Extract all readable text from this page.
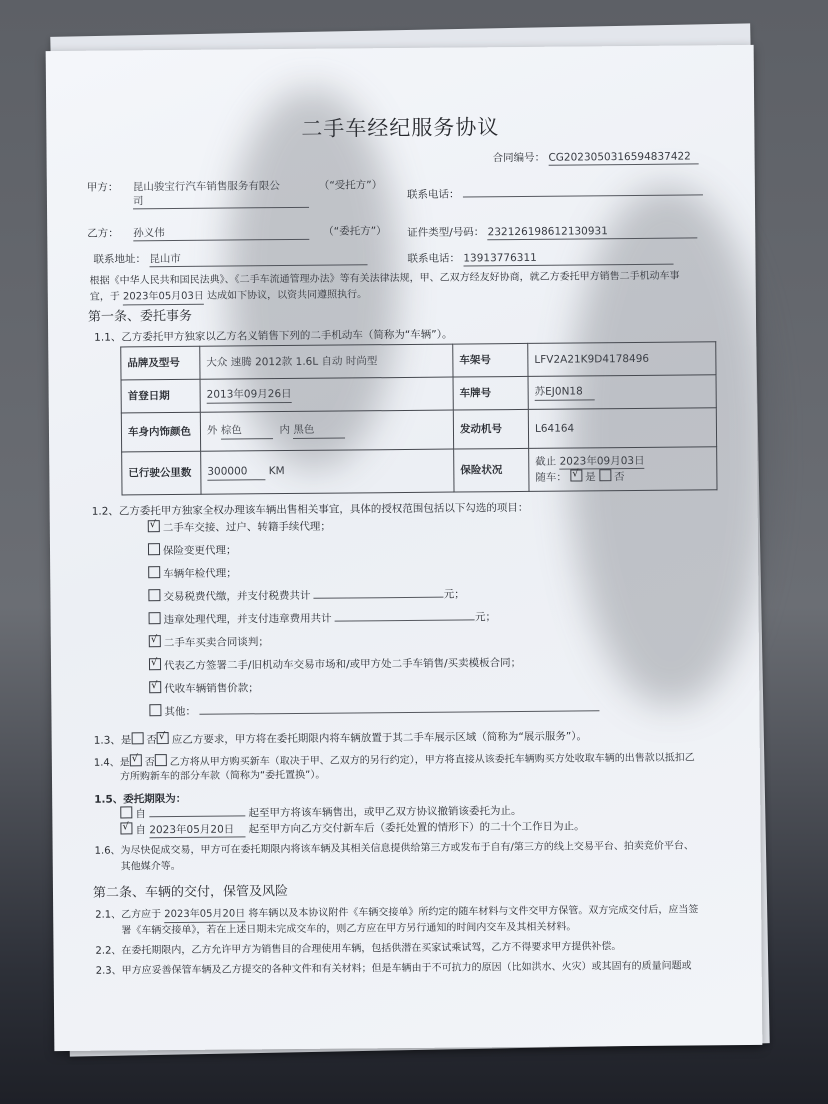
二手车经纪服务协议
合同编号： CG2023050316594837422
甲方： 昆山骏宝行汽车销售服务有限公
司
（“受托方”）
联系电话：
乙方： 孙义伟	（“委托方”） 证件类型/号码： 232126198612130931
联系地址： 昆山市	联系电话： 13913776311
根据《中华人民共和国民法典》、《二手车流通管理办法》等有关法律法规，甲、乙双方经友好协商，就乙方委托甲方销售二手机动车事
宜，于 2023年05月03日 达成如下协议，以资共同遵照执行。
第一条、委托事务
1.1、乙方委托甲方独家以乙方名义销售下列的二手机动车（简称为“车辆”）。
品牌及型号	大众 速腾 2012款 1.6L 自动 时尚型	车架号	LFV2A21K9D4178496
首登日期	2013年09月26日	车牌号	苏EJ0N18
车身内饰颜色	外 棕色 内 黑色	发动机号	L64164
已行驶公里数	300000 KM	保险状况	截止 2023年09月03日
随车： √ 是 否
1.2、乙方委托甲方独家全权办理该车辆出售相关事宜，具体的授权范围包括以下勾选的项目：
√二手车交接、过户、转籍手续代理；
保险变更代理；
车辆年检代理；
交易税费代缴，并支付税费共计	元；
违章处理代理，并支付违章费用共计	元；
√二手车买卖合同谈判；
√代表乙方签署二手/旧机动车交易市场和/或甲方处二手车销售/买卖模板合同；
√代收车辆销售价款；
其他：
1.3、是 否 √ 应乙方要求，甲方将在委托期限内将车辆放置于其二手车展示区域（简称为“展示服务”）。
1.4、是 √ 否 乙方将从甲方购买新车（取决于甲、乙双方的另行约定），甲方将直接从该委托车辆购买方处收取车辆的出售款以抵扣乙
方所购新车的部分车款（简称为“委托置换”）。
1.5、委托期限为：
自	起至甲方将该车辆售出，或甲乙双方协议撤销该委托为止。
√自 2023年05月20日 起至甲方向乙方交付新车后（委托处置的情形下）的二十个工作日为止。
1.6、为尽快促成交易，甲方可在委托期限内将该车辆及其相关信息提供给第三方或发布于自有/第三方的线上交易平台、拍卖竞价平台、
其他媒介等。
第二条、车辆的交付，保管及风险
2.1、乙方应于 2023年05月20日 将车辆以及本协议附件《车辆交接单》所约定的随车材料与文件交甲方保管。双方完成交付后，应当签
署《车辆交接单》，若在上述日期未完成交车的，则乙方应在甲方另行通知的时间内交车及其相关材料。
2.2、在委托期限内，乙方允许甲方为销售目的合理使用车辆，包括供潜在买家试乘试驾，乙方不得要求甲方提供补偿。
2.3、甲方应妥善保管车辆及乙方提交的各种文件和有关材料；但是车辆由于不可抗力的原因（比如洪水、火灾）或其固有的质量问题或
